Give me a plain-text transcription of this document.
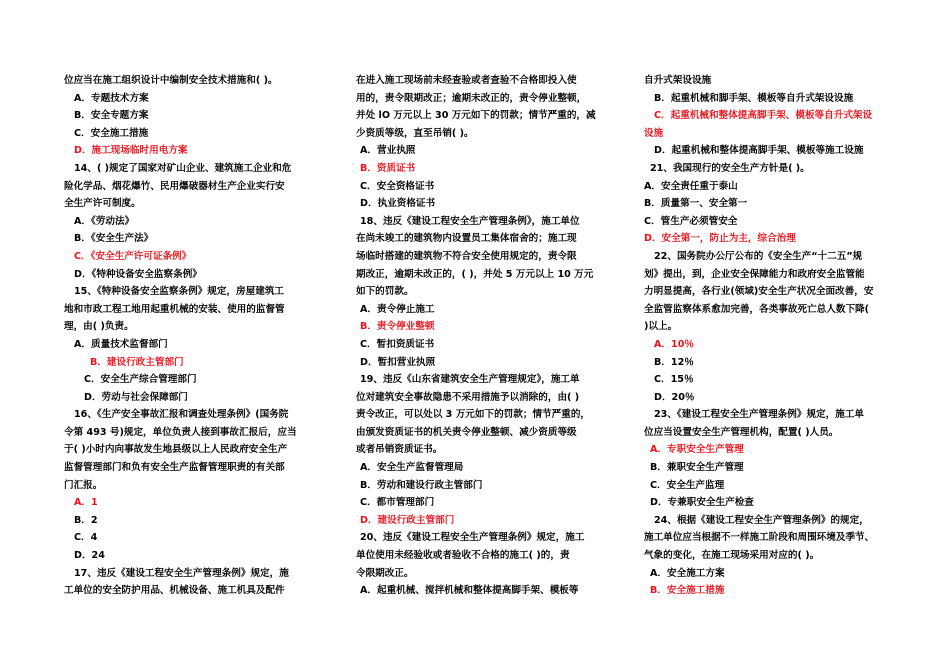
位应当在施工组织设计中编制安全技术措施和( )。
A．专题技术方案
B．安全专题方案
C．安全施工措施
D．施工现场临时用电方案
14、( )规定了国家对矿山企业、建筑施工企业和危
险化学品、烟花爆竹、民用爆破器材生产企业实行安
全生产许可制度。
A．《劳动法》
B．《安全生产法》
C．《安全生产许可证条例》
D．《特种设备安全监察条例》
15、《特种设备安全监察条例》规定，房屋建筑工
地和市政工程工地用起重机械的安装、使用的监督管
理，由( )负责。
A．质量技术监督部门
B．建设行政主管部门
C．安全生产综合管理部门
D．劳动与社会保障部门
16、《生产安全事故汇报和调查处理条例》(国务院
令第 493 号)规定，单位负责人接到事故汇报后，应当
于( )小时内向事故发生地县级以上人民政府安全生产
监督管理部门和负有安全生产监督管理职责的有关部
门汇报。
A．1
B．2
C．4
D．24
17、违反《建设工程安全生产管理条例》规定，施
工单位的安全防护用品、机械设备、施工机具及配件
在进入施工现场前未经查验或者查验不合格即投入使
用的，责令限期改正；逾期未改正的，责令停业整顿，
并处 lO 万元以上 30 万元如下的罚款；情节严重的，减
少资质等级，直至吊销( )。
A．营业执照
B．资质证书
C．安全资格证书
D．执业资格证书
18、违反《建设工程安全生产管理条例》，施工单位
在尚未竣工的建筑物内设置员工集体宿舍的；施工现
场临时搭建的建筑物不符合安全使用规定的，责令限
期改正，逾期未改正的，( )，并处 5 万元以上 10 万元
如下的罚款。
A．责令停止施工
B．责令停业整顿
C．暂扣资质证书
D．暂扣营业执照
19、违反《山东省建筑安全生产管理规定》，施工单
位对建筑安全事故隐患不采用措施予以消除的，由( )
责令改正，可以处以 3 万元如下的罚款；情节严重的，
由颁发资质证书的机关责令停业整顿、减少资质等级
或者吊销资质证书。
A．安全生产监督管理局
B．劳动和建设行政主管部门
C．都市管理部门
D．建设行政主管部门
20、违反《建设工程安全生产管理条例》规定，施工
单位使用未经验收或者验收不合格的施工( )的，责
令限期改正。
A．起重机械、搅拌机械和整体提高脚手架、模板等
自升式架设设施
B．起重机械和脚手架、模板等自升式架设设施
C．起重机械和整体提高脚手架、模板等自升式架设
设施
D．起重机械和整体提高脚手架、模板等施工设施
21、我国现行的安全生产方针是( )。
A．安全责任重于泰山
B．质量第一、安全第一
C．管生产必须管安全
D．安全第一，防止为主，综合治理
22、国务院办公厅公布的《安全生产“十二五”规
划》提出，到，企业安全保障能力和政府安全监管能
力明显提高，各行业(领域)安全生产状况全面改善，安
全监管监察体系愈加完善，各类事故死亡总人数下降(
)以上。
A．10％
B．12％
C．15％
D．20％
23、《建设工程安全生产管理条例》规定，施工单
位应当设置安全生产管理机构，配置( )人员。
A．专职安全生产管理
B．兼职安全生产管理
C．安全生产监理
D．专兼职安全生产检查
24、根据《建设工程安全生产管理条例》的规定，
施工单位应当根据不一样施工阶段和周围环境及季节、
气象的变化，在施工现场采用对应的( )。
A．安全施工方案
B．安全施工措施
